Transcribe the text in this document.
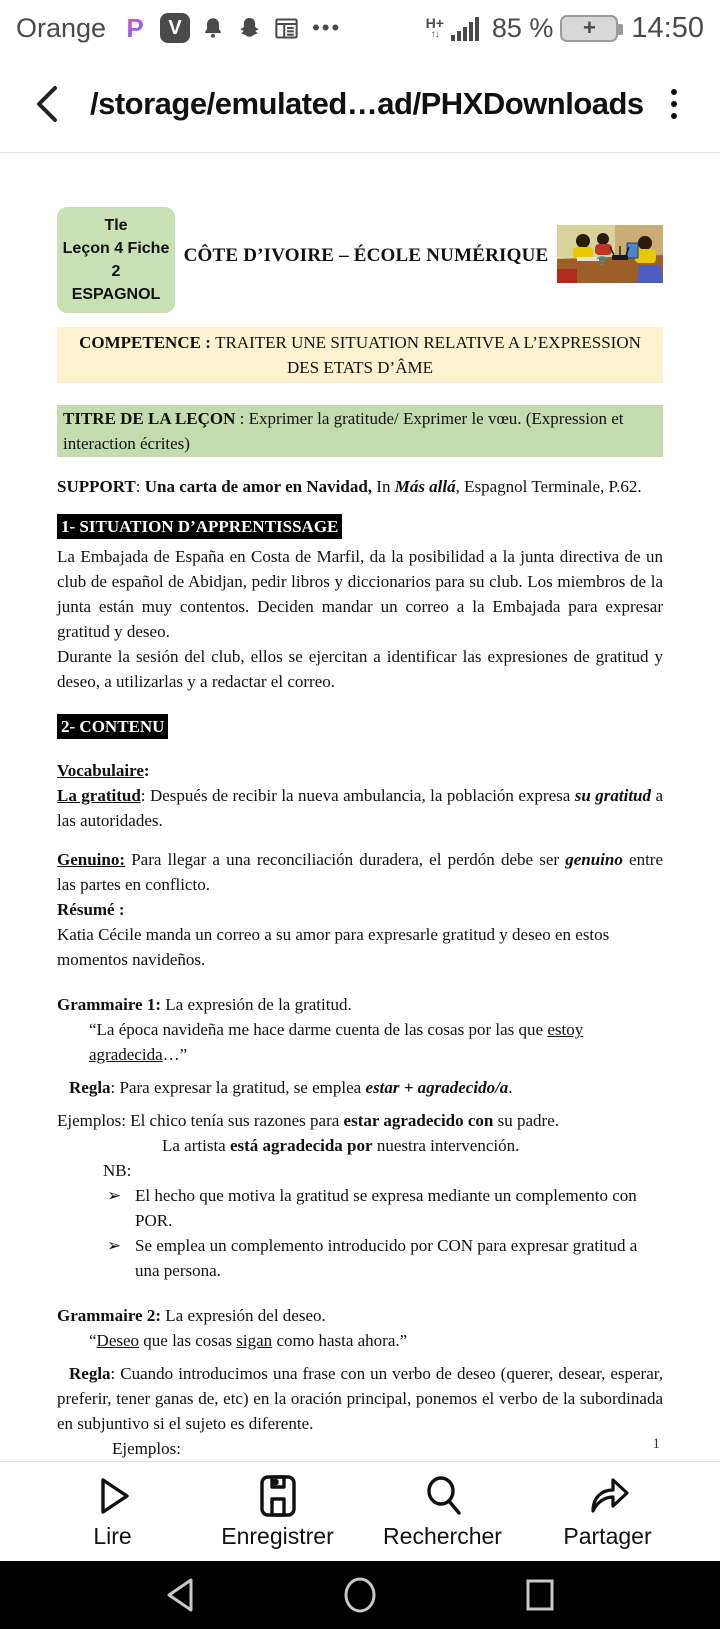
Orange P	V	•••	H+
↑↓ 85 % + 14:50
/storage/emulated…ad/PHXDownloads
Tle
Leçon 4 Fiche 2
ESPAGNOL
CÔTE D’IVOIRE – ÉCOLE NUMÉRIQUE
COMPETENCE : TRAITER UNE SITUATION RELATIVE A L’EXPRESSION DES ETATS D’ÂME
TITRE DE LA LEÇON : Exprimer la gratitude/ Exprimer le vœu. (Expression et interaction écrites)
SUPPORT: Una carta de amor en Navidad, In Más allá, Espagnol Terminale, P.62.
1- SITUATION D’APPRENTISSAGE
La Embajada de España en Costa de Marfil, da la posibilidad a la junta directiva de un club de español de Abidjan, pedir libros y diccionarios para su club. Los miembros de la junta están muy contentos. Deciden mandar un correo a la Embajada para expresar gratitud y deseo.
Durante la sesión del club, ellos se ejercitan a identificar las expresiones de gratitud y deseo, a utilizarlas y a redactar el correo.
2- CONTENU
Vocabulaire:
La gratitud: Después de recibir la nueva ambulancia, la población expresa su gratitud a las autoridades.
Genuino: Para llegar a una reconciliación duradera, el perdón debe ser genuino entre las partes en conflicto.
Résumé :
Katia Cécile manda un correo a su amor para expresarle gratitud y deseo en estos momentos navideños.
Grammaire 1: La expresión de la gratitud.
“La época navideña me hace darme cuenta de las cosas por las que estoy agradecida…”
Regla: Para expresar la gratitud, se emplea estar + agradecido/a.
Ejemplos: El chico tenía sus razones para estar agradecido con su padre.
La artista está agradecida por nuestra intervención.
NB:
➢ El hecho que motiva la gratitud se expresa mediante un complemento con POR.
➢ Se emplea un complemento introducido por CON para expresar gratitud a una persona.
Grammaire 2: La expresión del deseo.
“Deseo que las cosas sigan como hasta ahora.”
Regla: Cuando introducimos una frase con un verbo de deseo (querer, desear, esperar, preferir, tener ganas de, etc) en la oración principal, ponemos el verbo de la subordinada en subjuntivo si el sujeto es diferente.
Ejemplos:	1
Lire	Enregistrer Rechercher	Partager
